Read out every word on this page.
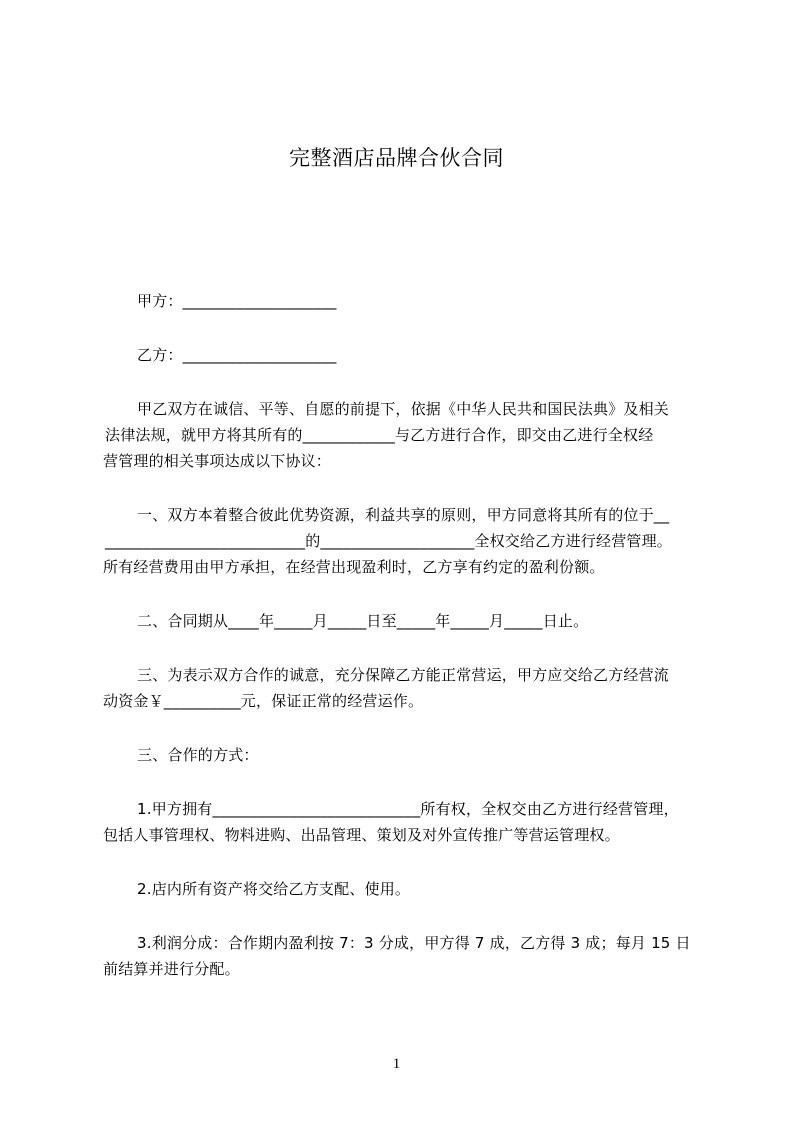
完整酒店品牌合伙合同
甲方：____________________
乙方：____________________
甲乙双方在诚信、平等、自愿的前提下，依据《中华人民共和国民法典》及相关
法律法规，就甲方将其所有的____________与乙方进行合作，即交由乙进行全权经
营管理的相关事项达成以下协议：
一、双方本着整合彼此优势资源，利益共享的原则，甲方同意将其所有的位于__
__________________________的____________________全权交给乙方进行经营管理。
所有经营费用由甲方承担，在经营出现盈利时，乙方享有约定的盈利份额。
二、合同期从____年_____月_____日至_____年_____月_____日止。
三、为表示双方合作的诚意，充分保障乙方能正常营运，甲方应交给乙方经营流
动资金￥__________元，保证正常的经营运作。
三、合作的方式：
1.甲方拥有___________________________所有权，全权交由乙方进行经营管理，
包括人事管理权、物料进购、出品管理、策划及对外宣传推广等营运管理权。
2.店内所有资产将交给乙方支配、使用。
3.利润分成：合作期内盈利按 7：3 分成，甲方得 7 成，乙方得 3 成；每月 15 日
前结算并进行分配。
1
